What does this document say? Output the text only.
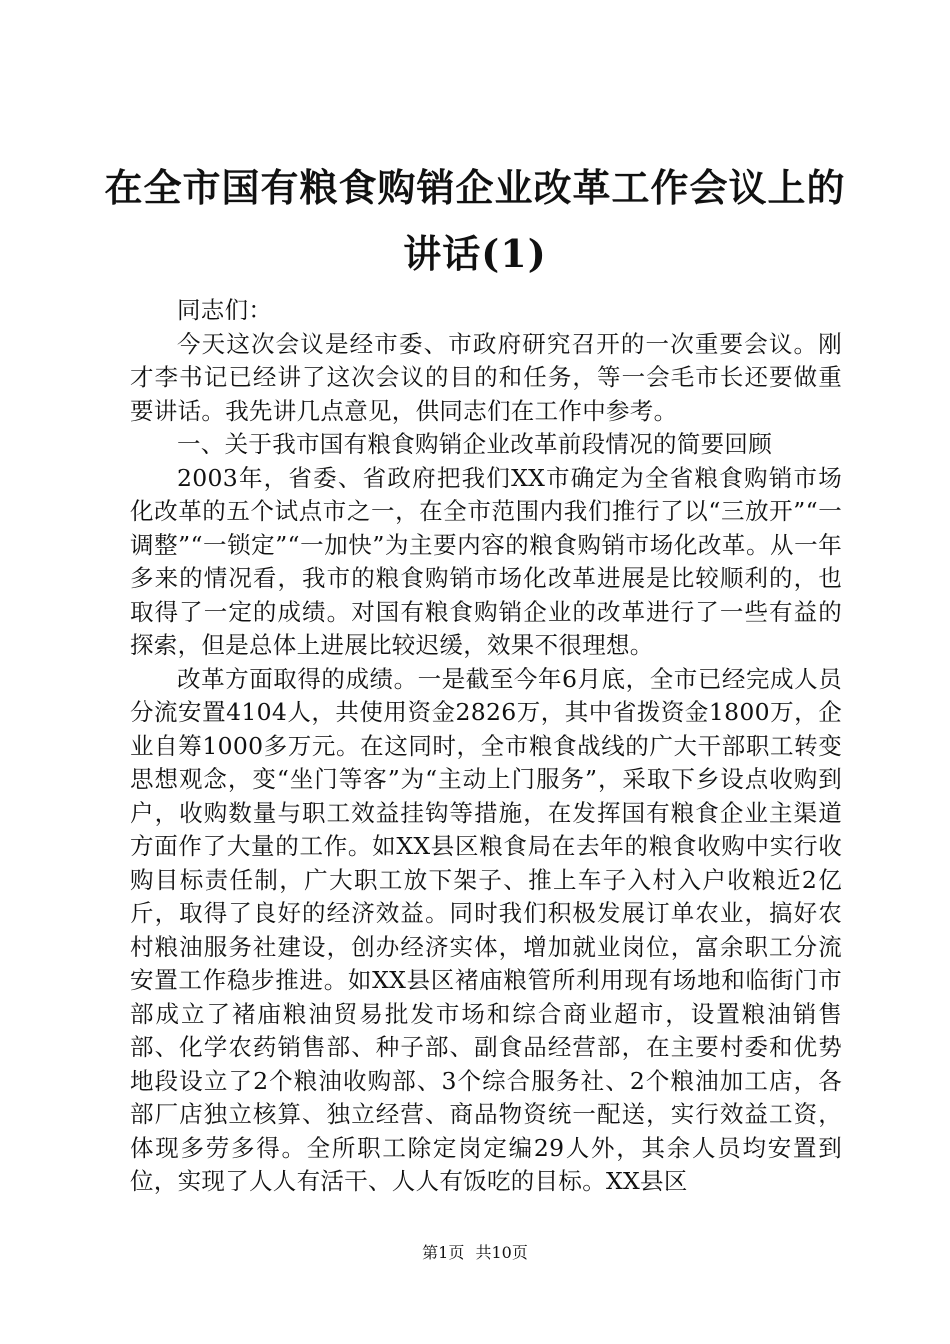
在全市国有粮食购销企业改革工作会议上的讲话(1)

同志们：

今天这次会议是经市委、市政府研究召开的一次重要会议。刚才李书记已经讲了这次会议的目的和任务，等一会毛市长还要做重要讲话。我先讲几点意见，供同志们在工作中参考。

一、关于我市国有粮食购销企业改革前段情况的简要回顾

2003年，省委、省政府把我们XX市确定为全省粮食购销市场化改革的五个试点市之一，在全市范围内我们推行了以“三放开”“一调整”“一锁定”“一加快”为主要内容的粮食购销市场化改革。从一年多来的情况看，我市的粮食购销市场化改革进展是比较顺利的，也取得了一定的成绩。对国有粮食购销企业的改革进行了一些有益的探索，但是总体上进展比较迟缓，效果不很理想。

改革方面取得的成绩。一是截至今年6月底，全市已经完成人员分流安置4104人，共使用资金2826万，其中省拨资金1800万，企业自筹1000多万元。在这同时，全市粮食战线的广大干部职工转变思想观念，变“坐门等客”为“主动上门服务”，采取下乡设点收购到户，收购数量与职工效益挂钩等措施，在发挥国有粮食企业主渠道方面作了大量的工作。如XX县区粮食局在去年的粮食收购中实行收购目标责任制，广大职工放下架子、推上车子入村入户收粮近2亿斤，取得了良好的经济效益。同时我们积极发展订单农业，搞好农村粮油服务社建设，创办经济实体，增加就业岗位，富余职工分流安置工作稳步推进。如XX县区褚庙粮管所利用现有场地和临街门市部成立了褚庙粮油贸易批发市场和综合商业超市，设置粮油销售部、化学农药销售部、种子部、副食品经营部，在主要村委和优势地段设立了2个粮油收购部、3个综合服务社、2个粮油加工店，各部厂店独立核算、独立经营、商品物资统一配送，实行效益工资，体现多劳多得。全所职工除定岗定编29人外，其余人员均安置到位，实现了人人有活干、人人有饭吃的目标。XX县区

第1页 共10页
